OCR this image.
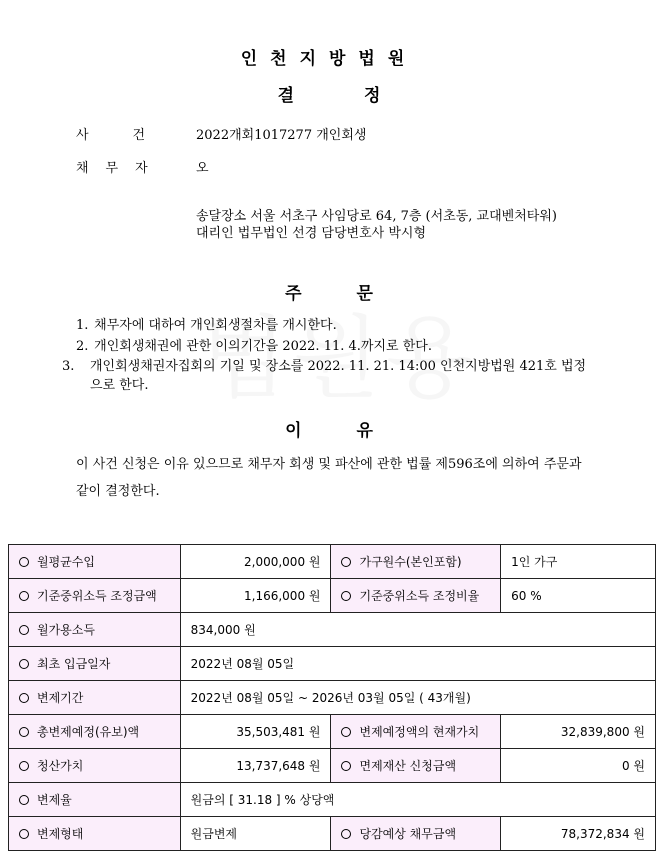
인천지방법원
결정
사건 2022개회1017277 개인회생
채무자 오
송달장소 서울 서초구 사임당로 64, 7층 (서초동, 교대벤처타워)
대리인 법무법인 선경 담당변호사 박시형
주문
1. 채무자에 대하여 개인회생절차를 개시한다.
2. 개인회생채권에 관한 이의기간을 2022. 11. 4.까지로 한다.
3. 개인회생채권자집회의 기일 및 장소를 2022. 11. 21. 14:00 인천지방법원 421호 법정으로 한다.
이유
이 사건 신청은 이유 있으므로 채무자 회생 및 파산에 관한 법률 제596조에 의하여 주문과 같이 결정한다.
월평균수입	2,000,000 원	가구원수(본인포함)	1인 가구
기준중위소득 조정금액	1,166,000 원	기준중위소득 조정비율	60 %
월가용소득	834,000 원		
최초 입금일자	2022년 08월 05일		
변제기간	2022년 08월 05일 ~ 2026년 03월 05일 ( 43개월)		
총변제예정(유보)액	35,503,481 원	변제예정액의 현재가치	32,839,800 원
청산가치	13,737,648 원	면제재산 신청금액	0 원
변제율	원금의 [ 31.18 ] % 상당액		
변제형태	원금변제	당감예상 채무금액	78,372,834 원
